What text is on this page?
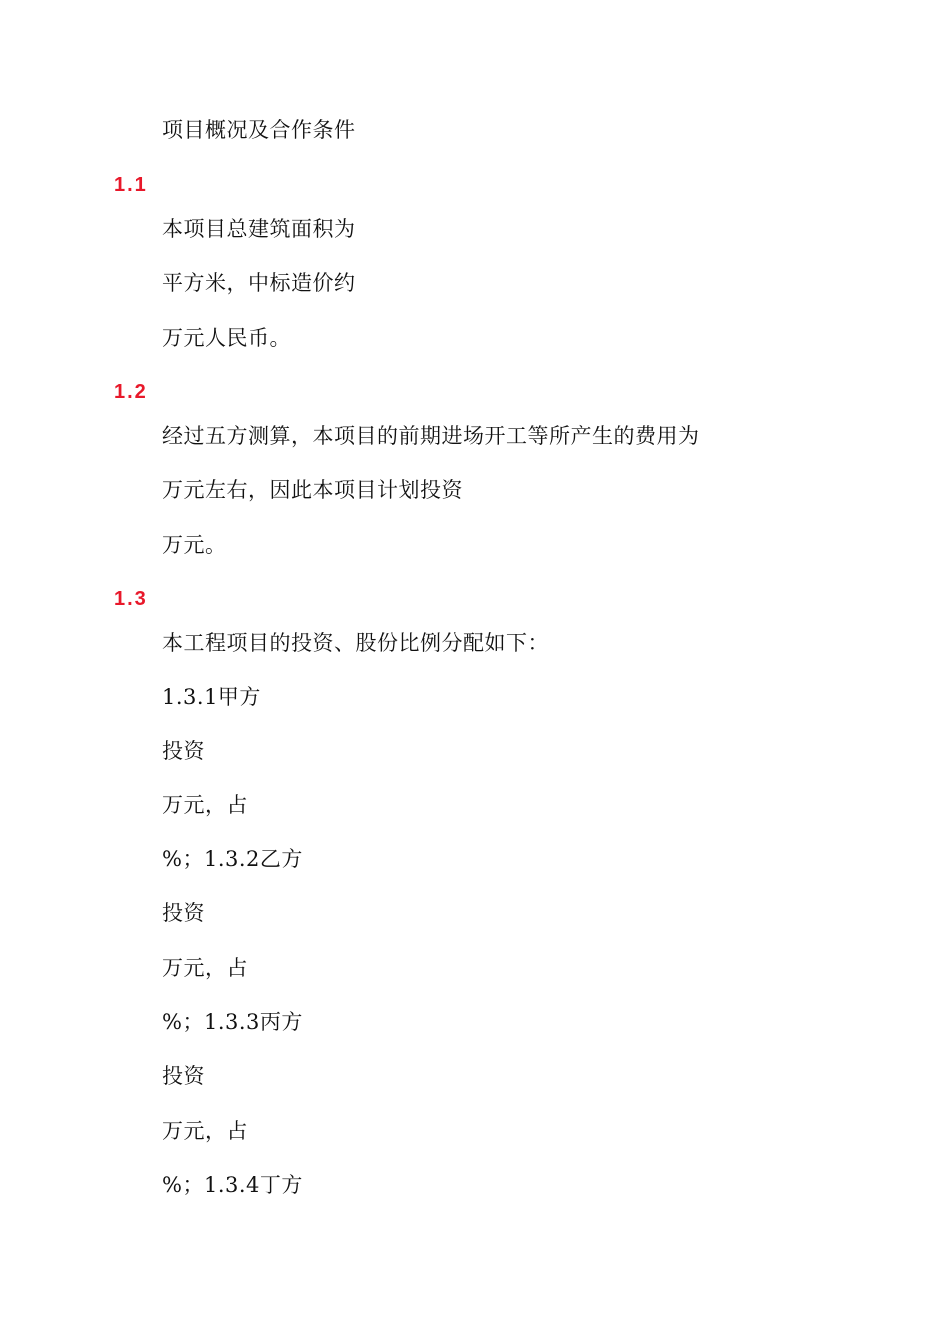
项目概况及合作条件
1.1
本项目总建筑面积为
平方米，中标造价约
万元人民币。
1.2
经过五方测算，本项目的前期进场开工等所产生的费用为
万元左右，因此本项目计划投资
万元。
1.3
本工程项目的投资、股份比例分配如下：
1.3.1甲方
投资
万元，占
%；1.3.2乙方
投资
万元，占
%；1.3.3丙方
投资
万元，占
%；1.3.4丁方
